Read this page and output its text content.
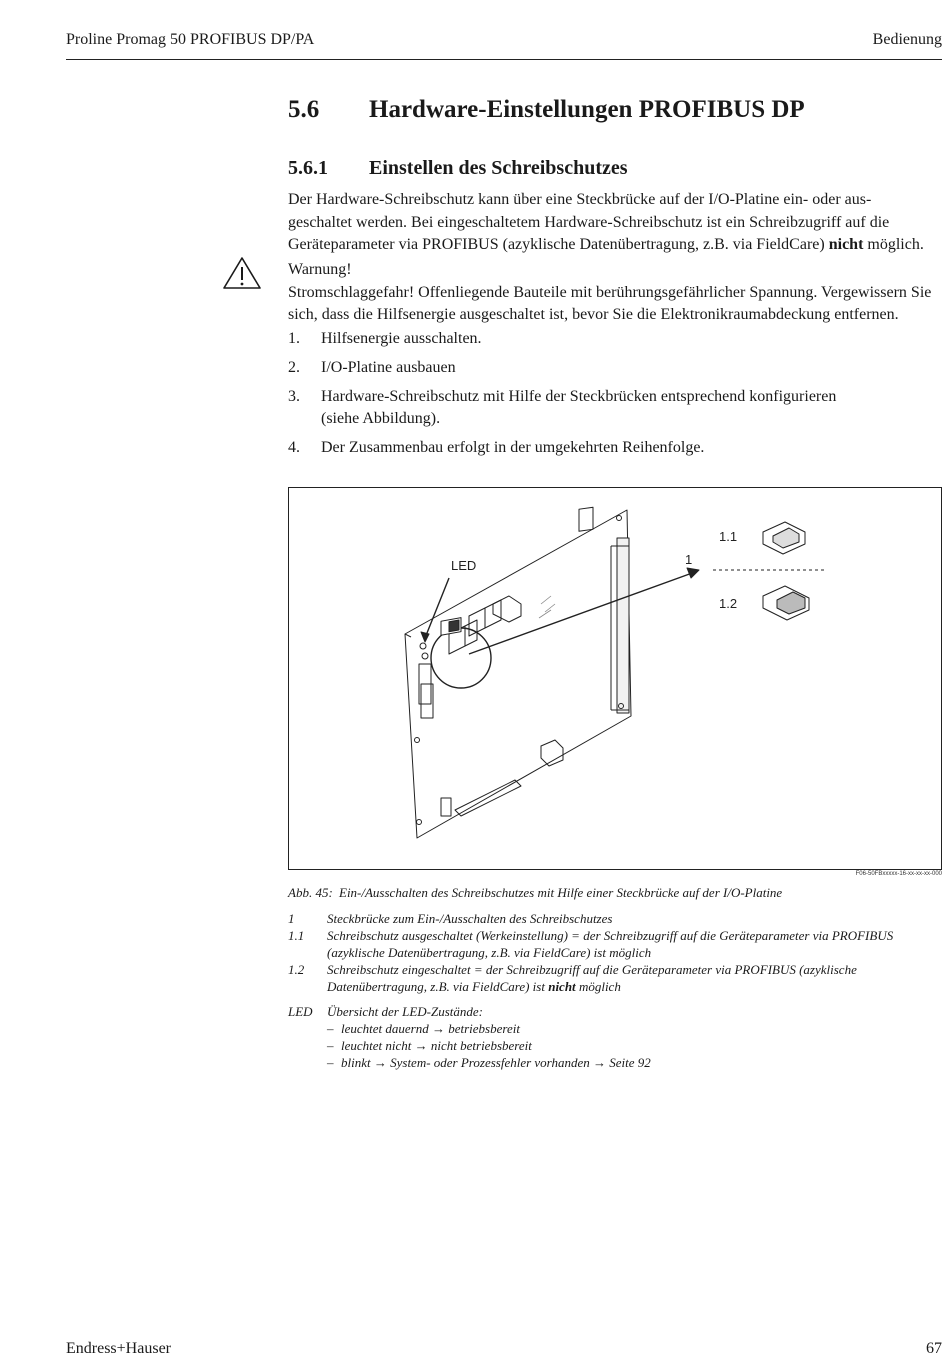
Proline Promag 50 PROFIBUS DP/PA	Bedienung
5.6 Hardware-Einstellungen PROFIBUS DP
5.6.1 Einstellen des Schreibschutzes
Der Hardware-Schreibschutz kann über eine Steckbrücke auf der I/O-Platine ein- oder aus-
geschaltet werden. Bei eingeschaltetem Hardware-Schreibschutz ist ein Schreibzugriff auf die
Geräteparameter via PROFIBUS (azyklische Datenübertragung, z.B. via FieldCare) nicht möglich.
Warnung!
Stromschlaggefahr! Offenliegende Bauteile mit berührungsgefährlicher Spannung. Vergewissern Sie
sich, dass die Hilfsenergie ausgeschaltet ist, bevor Sie die Elektronikraumabdeckung entfernen.
1. Hilfsenergie ausschalten.
2. I/O-Platine ausbauen
3. Hardware-Schreibschutz mit Hilfe der Steckbrücken entsprechend konfigurieren
(siehe Abbildung).
4. Der Zusammenbau erfolgt in der umgekehrten Reihenfolge.
LED	1
1.1
1.2
F06-50FBxxxxx-16-xx-xx-xx-000
Abb. 45: Ein-/Ausschalten des Schreibschutzes mit Hilfe einer Steckbrücke auf der I/O-Platine
1	Steckbrücke zum Ein-/Ausschalten des Schreibschutzes
1.1 Schreibschutz ausgeschaltet (Werkeinstellung) = der Schreibzugriff auf die Geräteparameter via PROFIBUS
(azyklische Datenübertragung, z.B. via FieldCare) ist möglich
1.2 Schreibschutz eingeschaltet = der Schreibzugriff auf die Geräteparameter via PROFIBUS (azyklische
Datenübertragung, z.B. via FieldCare) ist nicht möglich
LED Übersicht der LED-Zustände:
– leuchtet dauernd → betriebsbereit
– leuchtet nicht → nicht betriebsbereit
– blinkt → System- oder Prozessfehler vorhanden → Seite 92
Endress+Hauser	67
